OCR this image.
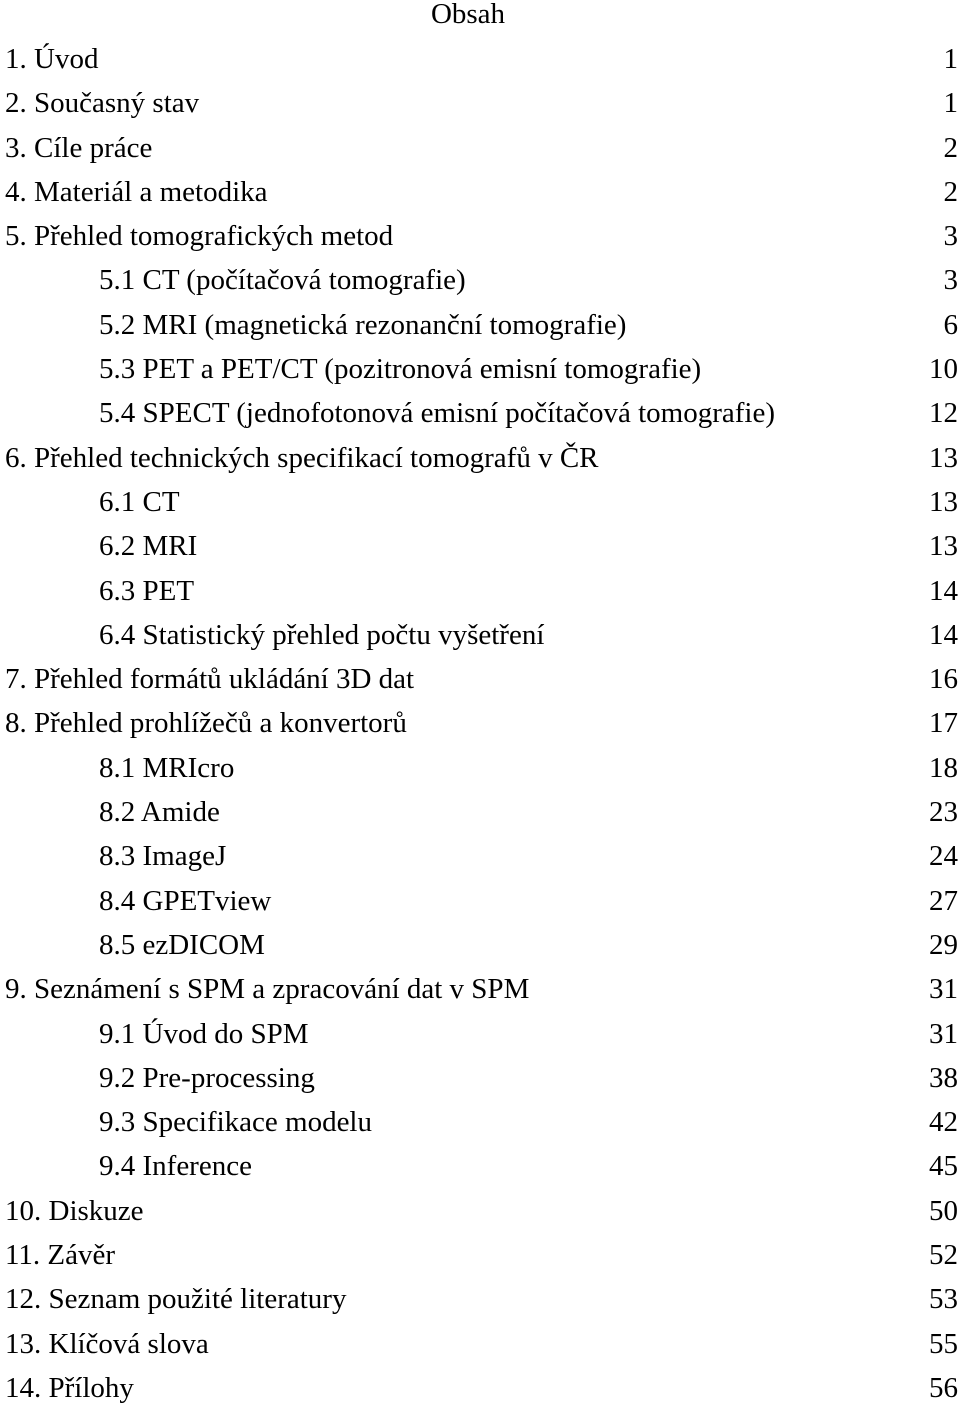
Obsah
1. Úvod	1
2. Současný stav	1
3. Cíle práce	2
4. Materiál a metodika	2
5. Přehled tomografických metod	3
5.1 CT (počítačová tomografie)	3
5.2 MRI (magnetická rezonanční tomografie)	6
5.3 PET a PET/CT (pozitronová emisní tomografie)	10
5.4 SPECT (jednofotonová emisní počítačová tomografie)	12
6. Přehled technických specifikací tomografů v ČR	13
6.1 CT	13
6.2 MRI	13
6.3 PET	14
6.4 Statistický přehled počtu vyšetření	14
7. Přehled formátů ukládání 3D dat	16
8. Přehled prohlížečů a konvertorů	17
8.1 MRIcro	18
8.2 Amide	23
8.3 ImageJ	24
8.4 GPETview	27
8.5 ezDICOM	29
9. Seznámení s SPM a zpracování dat v SPM	31
9.1 Úvod do SPM	31
9.2 Pre-processing	38
9.3 Specifikace modelu	42
9.4 Inference	45
10. Diskuze	50
11. Závěr	52
12. Seznam použité literatury	53
13. Klíčová slova	55
14. Přílohy	56
